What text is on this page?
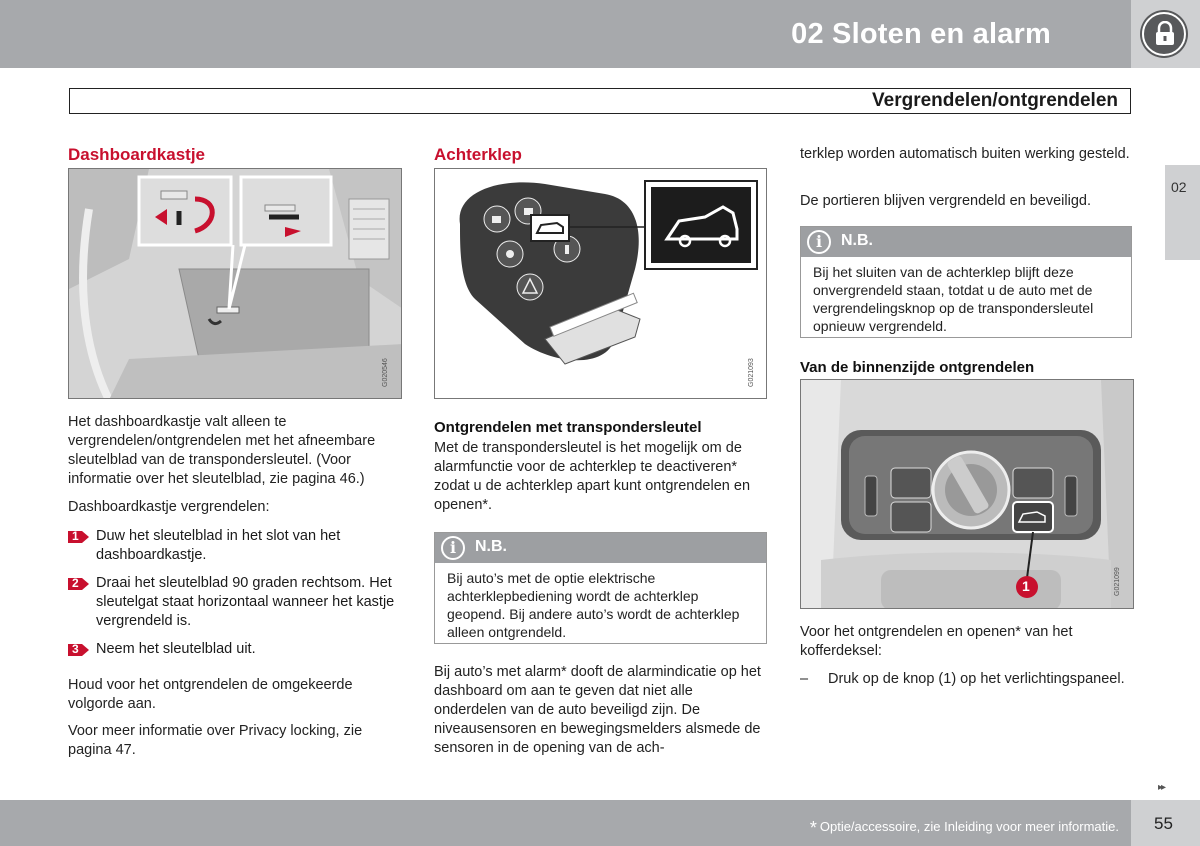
02 Sloten en alarm
Vergrendelen/ontgrendelen
02
Dashboardkastje
G020546
Het dashboardkastje valt alleen te vergrendelen/ontgrendelen met het afneembare sleutelblad van de transpondersleutel. (Voor informatie over het sleutelblad, zie pagina 46.)
Dashboardkastje vergrendelen:
1 Duw het sleutelblad in het slot van het dashboardkastje.
2 Draai het sleutelblad 90 graden rechtsom. Het sleutelgat staat horizontaal wanneer het kastje vergrendeld is.
3 Neem het sleutelblad uit.
Houd voor het ontgrendelen de omgekeerde volgorde aan.
Voor meer informatie over Privacy locking, zie pagina 47.
Achterklep
G021093
Ontgrendelen met transpondersleutel
Met de transpondersleutel is het mogelijk om de alarmfunctie voor de achterklep te deactiveren* zodat u de achterklep apart kunt ontgrendelen en openen*.
i	N.B.
Bij auto’s met de optie elektrische achterklepbediening wordt de achterklep geopend. Bij andere auto’s wordt de achterklep alleen ontgrendeld.
Bij auto’s met alarm* dooft de alarmindicatie op het dashboard om aan te geven dat niet alle onderdelen van de auto beveiligd zijn. De niveausensoren en bewegingsmelders alsmede de sensoren in de opening van de ach-
terklep worden automatisch buiten werking gesteld.
De portieren blijven vergrendeld en beveiligd.
i	N.B.
Bij het sluiten van de achterklep blijft deze onvergrendeld staan, totdat u de auto met de vergrendelingsknop op de transpondersleutel opnieuw vergrendeld.
Van de binnenzijde ontgrendelen
1	G021099
Voor het ontgrendelen en openen* van het kofferdeksel:
–	Druk op de knop (1) op het verlichtingspaneel.
▸▸
* Optie/accessoire, zie Inleiding voor meer informatie. 55
